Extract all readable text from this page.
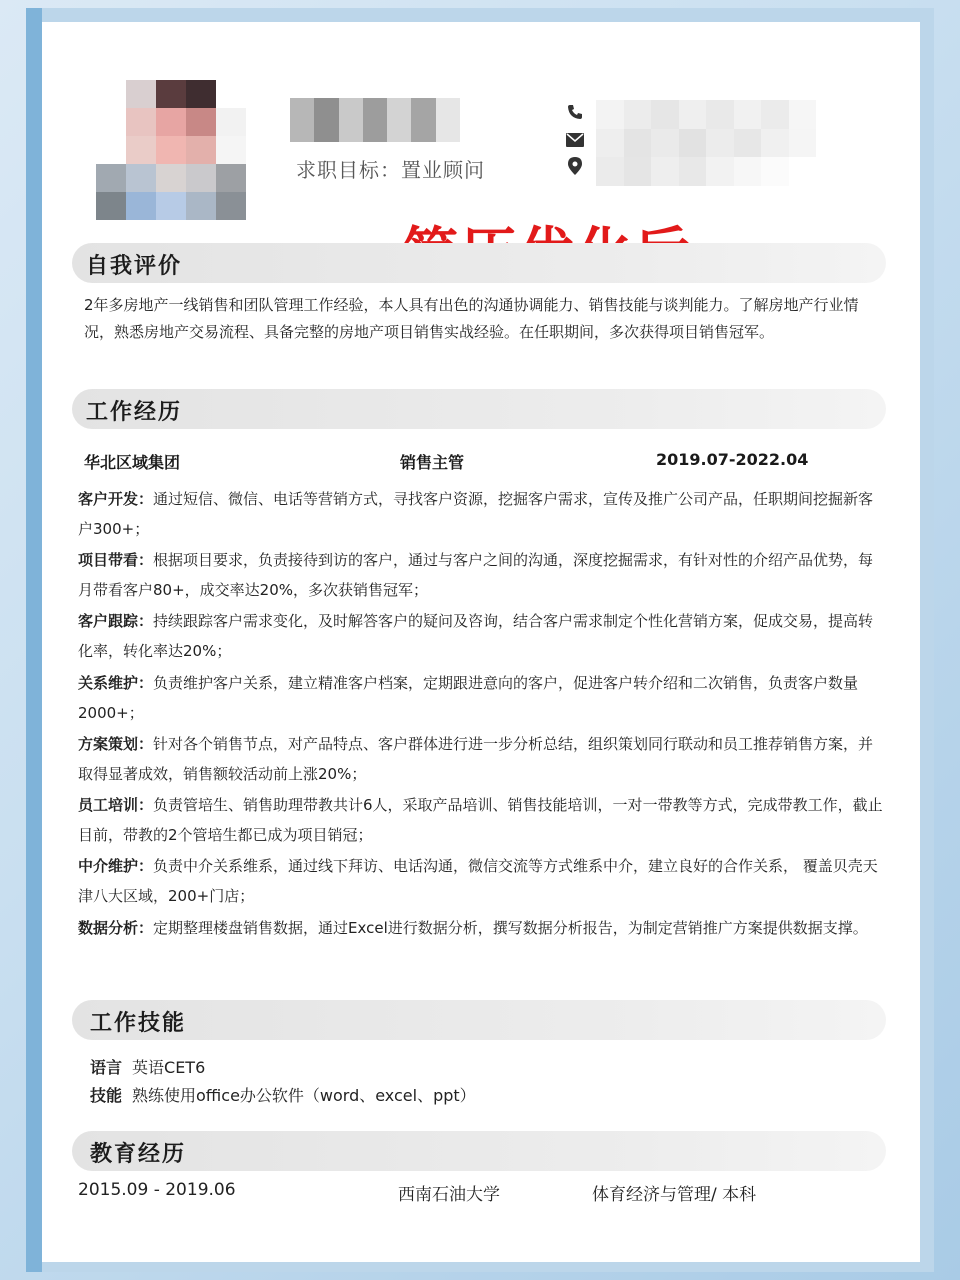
求职目标：置业顾问
自我评价
2年多房地产一线销售和团队管理工作经验，本人具有出色的沟通协调能力、销售技能与谈判能力。了解房地产行业情况，熟悉房地产交易流程、具备完整的房地产项目销售实战经验。在任职期间，多次获得项目销售冠军。
工作经历
华北区域集团	销售主管	2019.07-2022.04
客户开发：通过短信、微信、电话等营销方式，寻找客户资源，挖掘客户需求，宣传及推广公司产品，任职期间挖掘新客户300+；
项目带看：根据项目要求，负责接待到访的客户，通过与客户之间的沟通，深度挖掘需求，有针对性的介绍产品优势，每月带看客户80+，成交率达20%，多次获销售冠军；
客户跟踪：持续跟踪客户需求变化，及时解答客户的疑问及咨询，结合客户需求制定个性化营销方案，促成交易，提高转化率，转化率达20%；
关系维护：负责维护客户关系，建立精准客户档案，定期跟进意向的客户，促进客户转介绍和二次销售，负责客户数量2000+；
方案策划：针对各个销售节点，对产品特点、客户群体进行进一步分析总结，组织策划同行联动和员工推荐销售方案，并取得显著成效，销售额较活动前上涨20%；
员工培训：负责管培生、销售助理带教共计6人，采取产品培训、销售技能培训，一对一带教等方式，完成带教工作，截止目前，带教的2个管培生都已成为项目销冠；
中介维护：负责中介关系维系，通过线下拜访、电话沟通，微信交流等方式维系中介，建立良好的合作关系， 覆盖贝壳天津八大区域，200+门店；
数据分析：定期整理楼盘销售数据，通过Excel进行数据分析，撰写数据分析报告，为制定营销推广方案提供数据支撑。
工作技能
语言 英语CET6
技能 熟练使用office办公软件（word、excel、ppt）
教育经历
2015.09 - 2019.06	西南石油大学	体育经济与管理/ 本科
